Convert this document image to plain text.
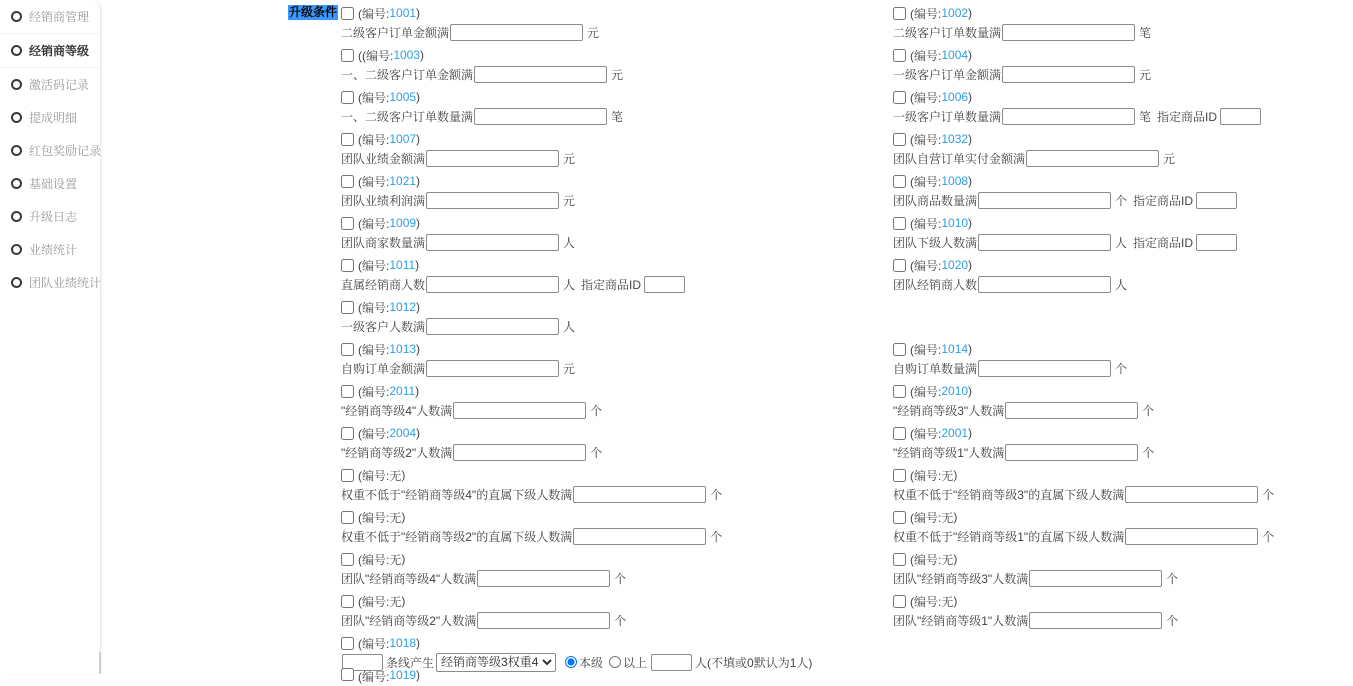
经销商管理
经销商等级
激活码记录
提成明细
红包奖励记录
基础设置
升级日志
业绩统计
团队业绩统计
升级条件 (编号: 1001 )
二级客户订单金额满	元
(编号: 1002 )
二级客户订单数量满	笔
((编号: 1003 )
一、二级客户订单金额满	元
(编号: 1004 )
一级客户订单金额满	元
(编号: 1005 )
一、二级客户订单数量满	笔
(编号: 1006 )
一级客户订单数量满	笔 指定商品ID
(编号: 1007 )
团队业绩金额满	元
(编号: 1032 )
团队自营订单实付金额满	元
(编号: 1021 )
团队业绩利润满	元
(编号: 1008 )
团队商品数量满	个 指定商品ID
(编号: 1009 )
团队商家数量满	人
(编号: 1010 )
团队下级人数满	人 指定商品ID
(编号: 1011 )
直属经销商人数	人 指定商品ID
(编号: 1020 )
团队经销商人数	人
(编号: 1012 )
一级客户人数满	人
(编号: 1013 )
自购订单金额满	元
(编号: 1014 )
自购订单数量满	个
(编号: 2011 )
"经销商等级4"人数满	个
(编号: 2010 )
"经销商等级3"人数满	个
(编号: 2004 )
"经销商等级2"人数满	个
(编号: 2001 )
"经销商等级1"人数满	个
(编号: 无 )
权重不低于"经销商等级4"的直属下级人数满	个
(编号: 无 )
权重不低于"经销商等级3"的直属下级人数满	个
(编号: 无 )
权重不低于"经销商等级2"的直属下级人数满	个
(编号: 无 )
权重不低于"经销商等级1"的直属下级人数满	个
(编号: 无 )
团队"经销商等级4"人数满	个
(编号: 无 )
团队"经销商等级3"人数满	个
(编号: 无 )
团队"经销商等级2"人数满	个
(编号: 无 )
团队"经销商等级1"人数满	个
(编号: 1018 )
条线产生
经销商等级3权重4	本级 以上	人(不填或0默认为1人)
(编号: 1019 )
